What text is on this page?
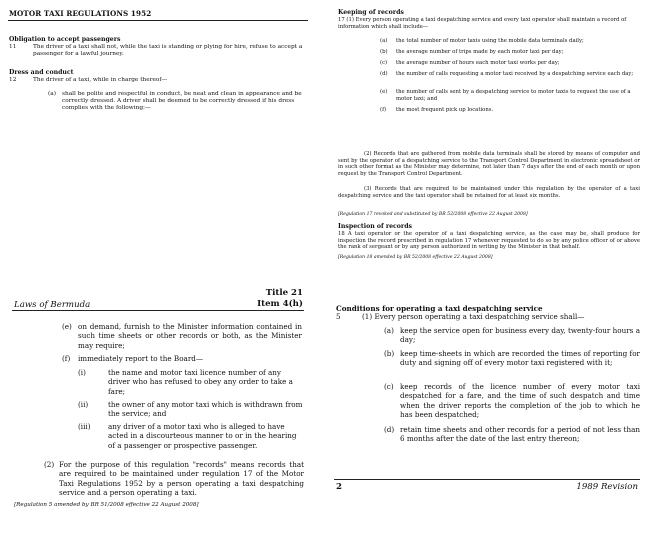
MOTOR TAXI REGULATIONS 1952
Obligation to accept passengers
11	The driver of a taxi shall not, while the taxi is standing or plying for hire, refuse to accept a passenger for a lawful journey.
Dress and conduct
12	The driver of a taxi, while in charge thereof—
(a)	shall be polite and respectful in conduct, be neat and clean in appearance and be correctly dressed. A driver shall be deemed to be correctly dressed if his dress complies with the following:—
Keeping of records
17 (1) Every person operating a taxi despatching service and every taxi operator shall maintain a record of information which shall include—
(a)	the total number of motor taxis using the mobile data terminals daily;
(b)	the average number of trips made by each motor taxi per day;
(c)	the average number of hours each motor taxi works per day;
(d)	the number of calls requesting a motor taxi received by a despatching service each day;
(e)	the number of calls sent by a despatching service to motor taxis to request the use of a motor taxi; and
(f)	the most frequent pick up locations.
(2) Records that are gathered from mobile data terminals shall be stored by means of computer and sent by the operator of a despatching service to the Transport Control Department in electronic spreadsheet or in such other format as the Minister may determine, not later than 7 days after the end of each month or upon request by the Transport Control Department.
(3) Records that are required to be maintained under this regulation by the operator of a taxi despatching service and the taxi operator shall be retained for at least six months.
[Regulation 17 revoked and substituted by BR 52/2008 effective 22 August 2008]
Inspection of records
18 A taxi operator or the operator of a taxi despatching service, as the case may be, shall produce for inspection the record prescribed in regulation 17 whenever requested to do so by any police officer of or above the rank of sergeant or by any person authorized in writing by the Minister in that behalf.
[Regulation 18 amended by BR 52/2008 effective 22 August 2008]
Title 21
Laws of Bermuda	Item 4(h)
(e) on demand, furnish to the Minister information contained in such time sheets or other records or both, as the Minister may require;
(f)	immediately report to the Board—
(i)	the name and motor taxi licence number of any driver who has refused to obey any order to take a fare;
(ii)	the owner of any motor taxi which is withdrawn from the service; and
(iii)	any driver of a motor taxi who is alleged to have acted in a discourteous manner to or in the hearing of a passenger or prospective passenger.
(2) For the purpose of this regulation "records" means records that are required to be maintained under regulation 17 of the Motor Taxi Regulations 1952 by a person operating a taxi despatching service and a person operating a taxi.
[Regulation 5 amended by BR 51/2008 effective 22 August 2008]
Conditions for operating a taxi despatching service
5	(1) Every person operating a taxi despatching service shall—
(a) keep the service open for business every day, twenty-four hours a day;
(b) keep time-sheets in which are recorded the times of reporting for duty and signing off of every motor taxi registered with it;
(c) keep records of the licence number of every motor taxi despatched for a fare, and the time of such despatch and time when the driver reports the completion of the job to which he has been despatched;
(d) retain time sheets and other records for a period of not less than 6 months after the date of the last entry thereon;
2	1989 Revision
